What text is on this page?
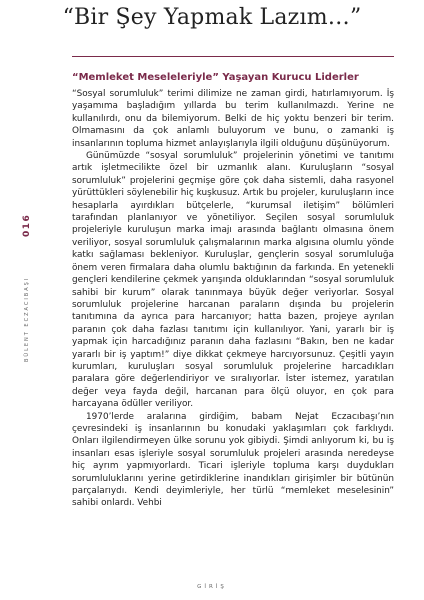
“Bir Şey Yapmak Lazım…”
016
BÜLENT ECZACIBAŞI
“Memleket Meseleleriyle” Yaşayan Kurucu Liderler

“Sosyal sorumluluk” terimi dilimize ne zaman girdi, hatırlamıyorum. İş yaşamıma başladığım yıllarda bu terim kullanılmazdı. Yerine ne kullanılırdı, onu da bilemiyorum. Belki de hiç yoktu benzeri bir terim. Olmamasını da çok anlamlı buluyorum ve bunu, o zamanki iş insanlarının topluma hizmet anlayışlarıyla ilgili olduğunu düşünüyorum.

Günümüzde “sosyal sorumluluk” projelerinin yönetimi ve tanıtımı artık işletmecilikte özel bir uzmanlık alanı. Kuruluşların “sosyal sorumluluk” projelerini geçmişe göre çok daha sistemli, daha rasyonel yürüttükleri söylenebilir hiç kuşkusuz. Artık bu projeler, kuruluşların ince hesaplarla ayırdıkları bütçelerle, “kurumsal iletişim” bölümleri tarafından planlanıyor ve yönetiliyor. Seçilen sosyal sorumluluk projeleriyle kuruluşun marka imajı arasında bağlantı olmasına önem veriliyor, sosyal sorumluluk çalışmalarının marka algısına olumlu yönde katkı sağlaması bekleniyor. Kuruluşlar, gençlerin sosyal sorumluluğa önem veren firmalara daha olumlu baktığının da farkında. En yetenekli gençleri kendilerine çekmek yarışında olduklarından “sosyal sorumluluk sahibi bir kurum” olarak tanınmaya büyük değer veriyorlar. Sosyal sorumluluk projelerine harcanan paraların dışında bu projelerin tanıtımına da ayrıca para harcanıyor; hatta bazen, projeye ayrılan paranın çok daha fazlası tanıtımı için kullanılıyor. Yani, yararlı bir iş yapmak için harcadığınız paranın daha fazlasını “Bakın, ben ne kadar yararlı bir iş yaptım!” diye dikkat çekmeye harcıyorsunuz. Çeşitli yayın kurumları, kuruluşları sosyal sorumluluk projelerine harcadıkları paralara göre değerlendiriyor ve sıralıyorlar. İster istemez, yaratılan değer veya fayda değil, harcanan para ölçü oluyor, en çok para harcayana ödüller veriliyor.

1970’lerde aralarına girdiğim, babam Nejat Eczacıbaşı’nın çevresindeki iş insanlarının bu konudaki yaklaşımları çok farklıydı. Onları ilgilendirmeyen ülke sorunu yok gibiydi. Şimdi anlıyorum ki, bu iş insanları esas işleriyle sosyal sorumluluk projeleri arasında neredeyse hiç ayrım yapmıyorlardı. Ticari işleriyle topluma karşı duydukları sorumluluklarını yerine getirdiklerine inandıkları girişimler bir bütünün parçalarıydı. Kendi deyimleriyle, her türlü “memleket meselesinin” sahibi onlardı. Vehbi

GİRİŞ
